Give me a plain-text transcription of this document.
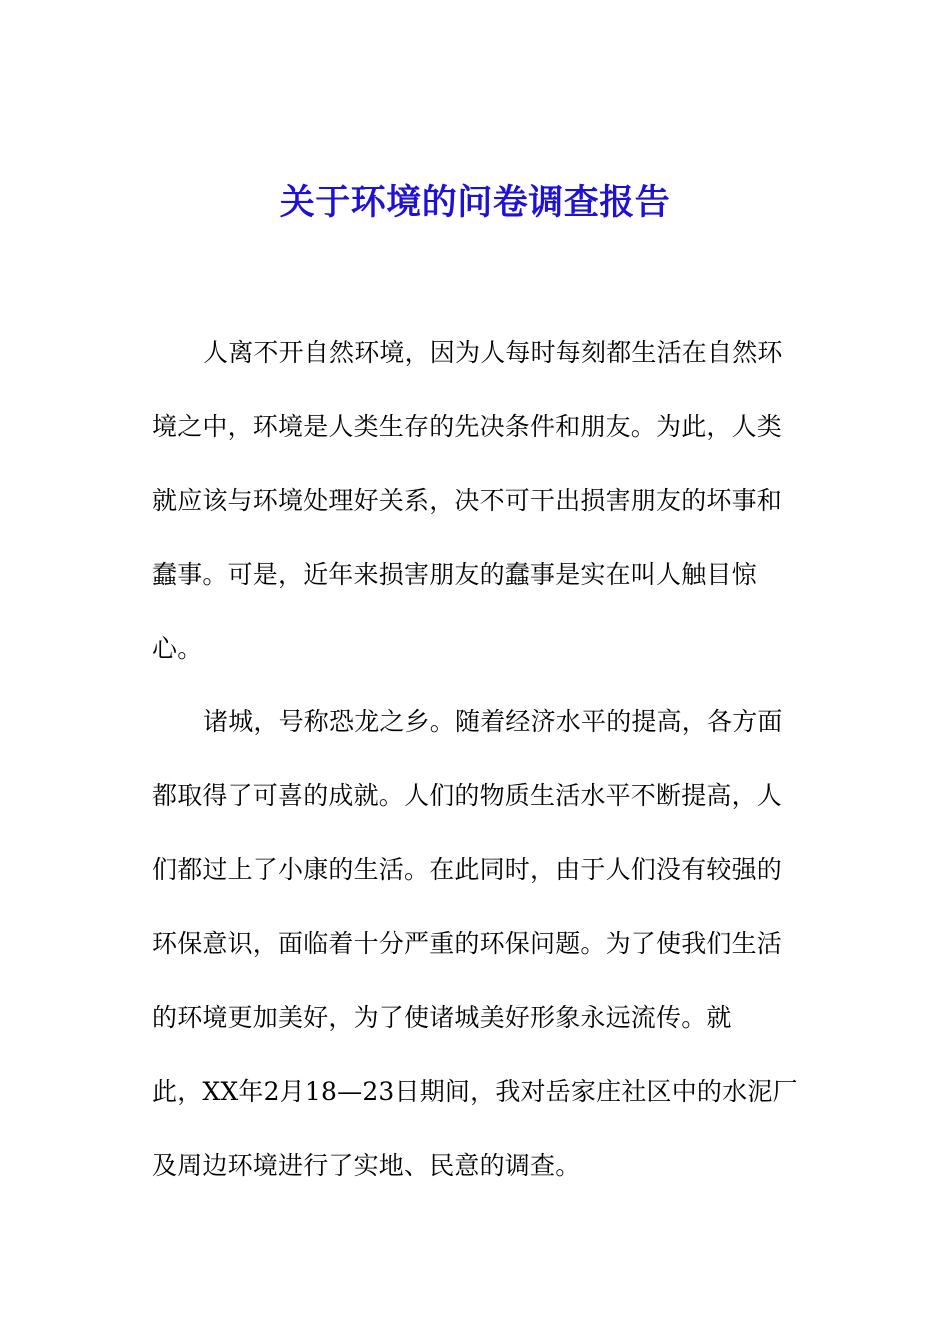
关于环境的问卷调查报告
人离不开自然环境，因为人每时每刻都生活在自然环
境之中，环境是人类生存的先决条件和朋友。为此，人类
就应该与环境处理好关系，决不可干出损害朋友的坏事和
蠢事。可是，近年来损害朋友的蠢事是实在叫人触目惊
心。
诸城，号称恐龙之乡。随着经济水平的提高，各方面
都取得了可喜的成就。人们的物质生活水平不断提高，人
们都过上了小康的生活。在此同时，由于人们没有较强的
环保意识，面临着十分严重的环保问题。为了使我们生活
的环境更加美好，为了使诸城美好形象永远流传。就
此，XX年2月18—23日期间，我对岳家庄社区中的水泥厂
及周边环境进行了实地、民意的调查。
